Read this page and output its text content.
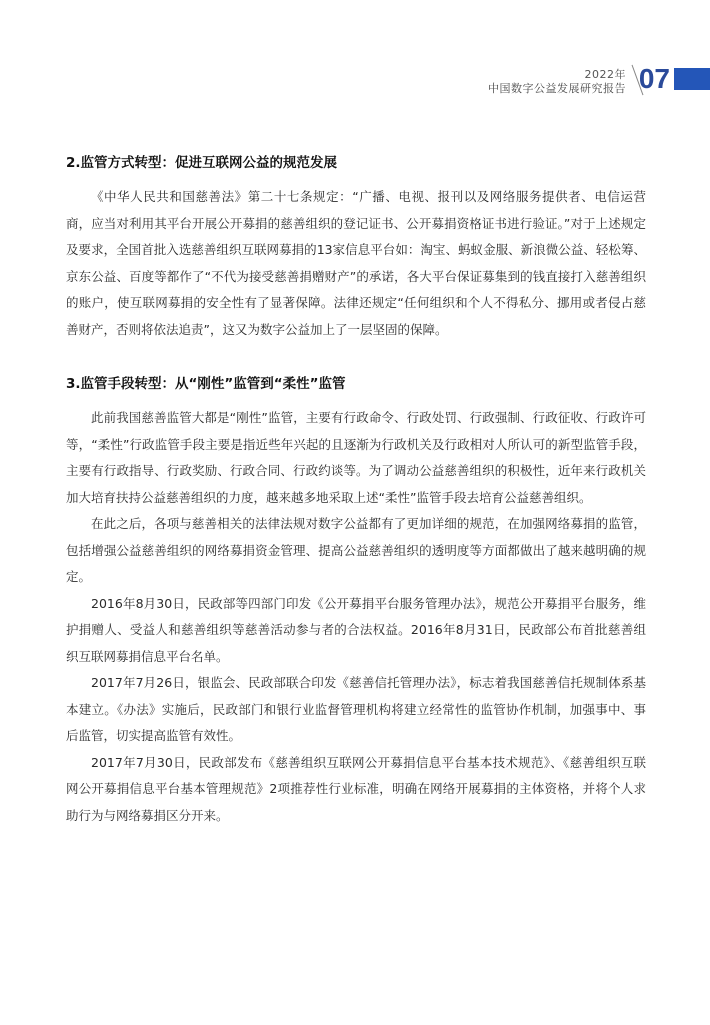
2022年
中国数字公益发展研究报告 07
2.监管方式转型：促进互联网公益的规范发展

《中华人民共和国慈善法》第二十七条规定：“广播、电视、报刊以及网络服务提供者、电信运营商，应当对利用其平台开展公开募捐的慈善组织的登记证书、公开募捐资格证书进行验证。”对于上述规定及要求，全国首批入选慈善组织互联网募捐的13家信息平台如：淘宝、蚂蚁金服、新浪微公益、轻松筹、京东公益、百度等都作了“不代为接受慈善捐赠财产”的承诺，各大平台保证募集到的钱直接打入慈善组织的账户，使互联网募捐的安全性有了显著保障。法律还规定“任何组织和个人不得私分、挪用或者侵占慈善财产，否则将依法追责”，这又为数字公益加上了一层坚固的保障。

3.监管手段转型：从“刚性”监管到“柔性”监管

此前我国慈善监管大都是“刚性”监管，主要有行政命令、行政处罚、行政强制、行政征收、行政许可等，“柔性”行政监管手段主要是指近些年兴起的且逐渐为行政机关及行政相对人所认可的新型监管手段，主要有行政指导、行政奖励、行政合同、行政约谈等。为了调动公益慈善组织的积极性，近年来行政机关加大培育扶持公益慈善组织的力度，越来越多地采取上述“柔性”监管手段去培育公益慈善组织。

在此之后，各项与慈善相关的法律法规对数字公益都有了更加详细的规范，在加强网络募捐的监管，包括增强公益慈善组织的网络募捐资金管理、提高公益慈善组织的透明度等方面都做出了越来越明确的规定。

2016年8月30日，民政部等四部门印发《公开募捐平台服务管理办法》，规范公开募捐平台服务，维护捐赠人、受益人和慈善组织等慈善活动参与者的合法权益。2016年8月31日，民政部公布首批慈善组织互联网募捐信息平台名单。

2017年7月26日，银监会、民政部联合印发《慈善信托管理办法》，标志着我国慈善信托规制体系基本建立。《办法》实施后，民政部门和银行业监督管理机构将建立经常性的监管协作机制，加强事中、事后监管，切实提高监管有效性。

2017年7月30日，民政部发布《慈善组织互联网公开募捐信息平台基本技术规范》、《慈善组织互联网公开募捐信息平台基本管理规范》2项推荐性行业标准，明确在网络开展募捐的主体资格，并将个人求助行为与网络募捐区分开来。
